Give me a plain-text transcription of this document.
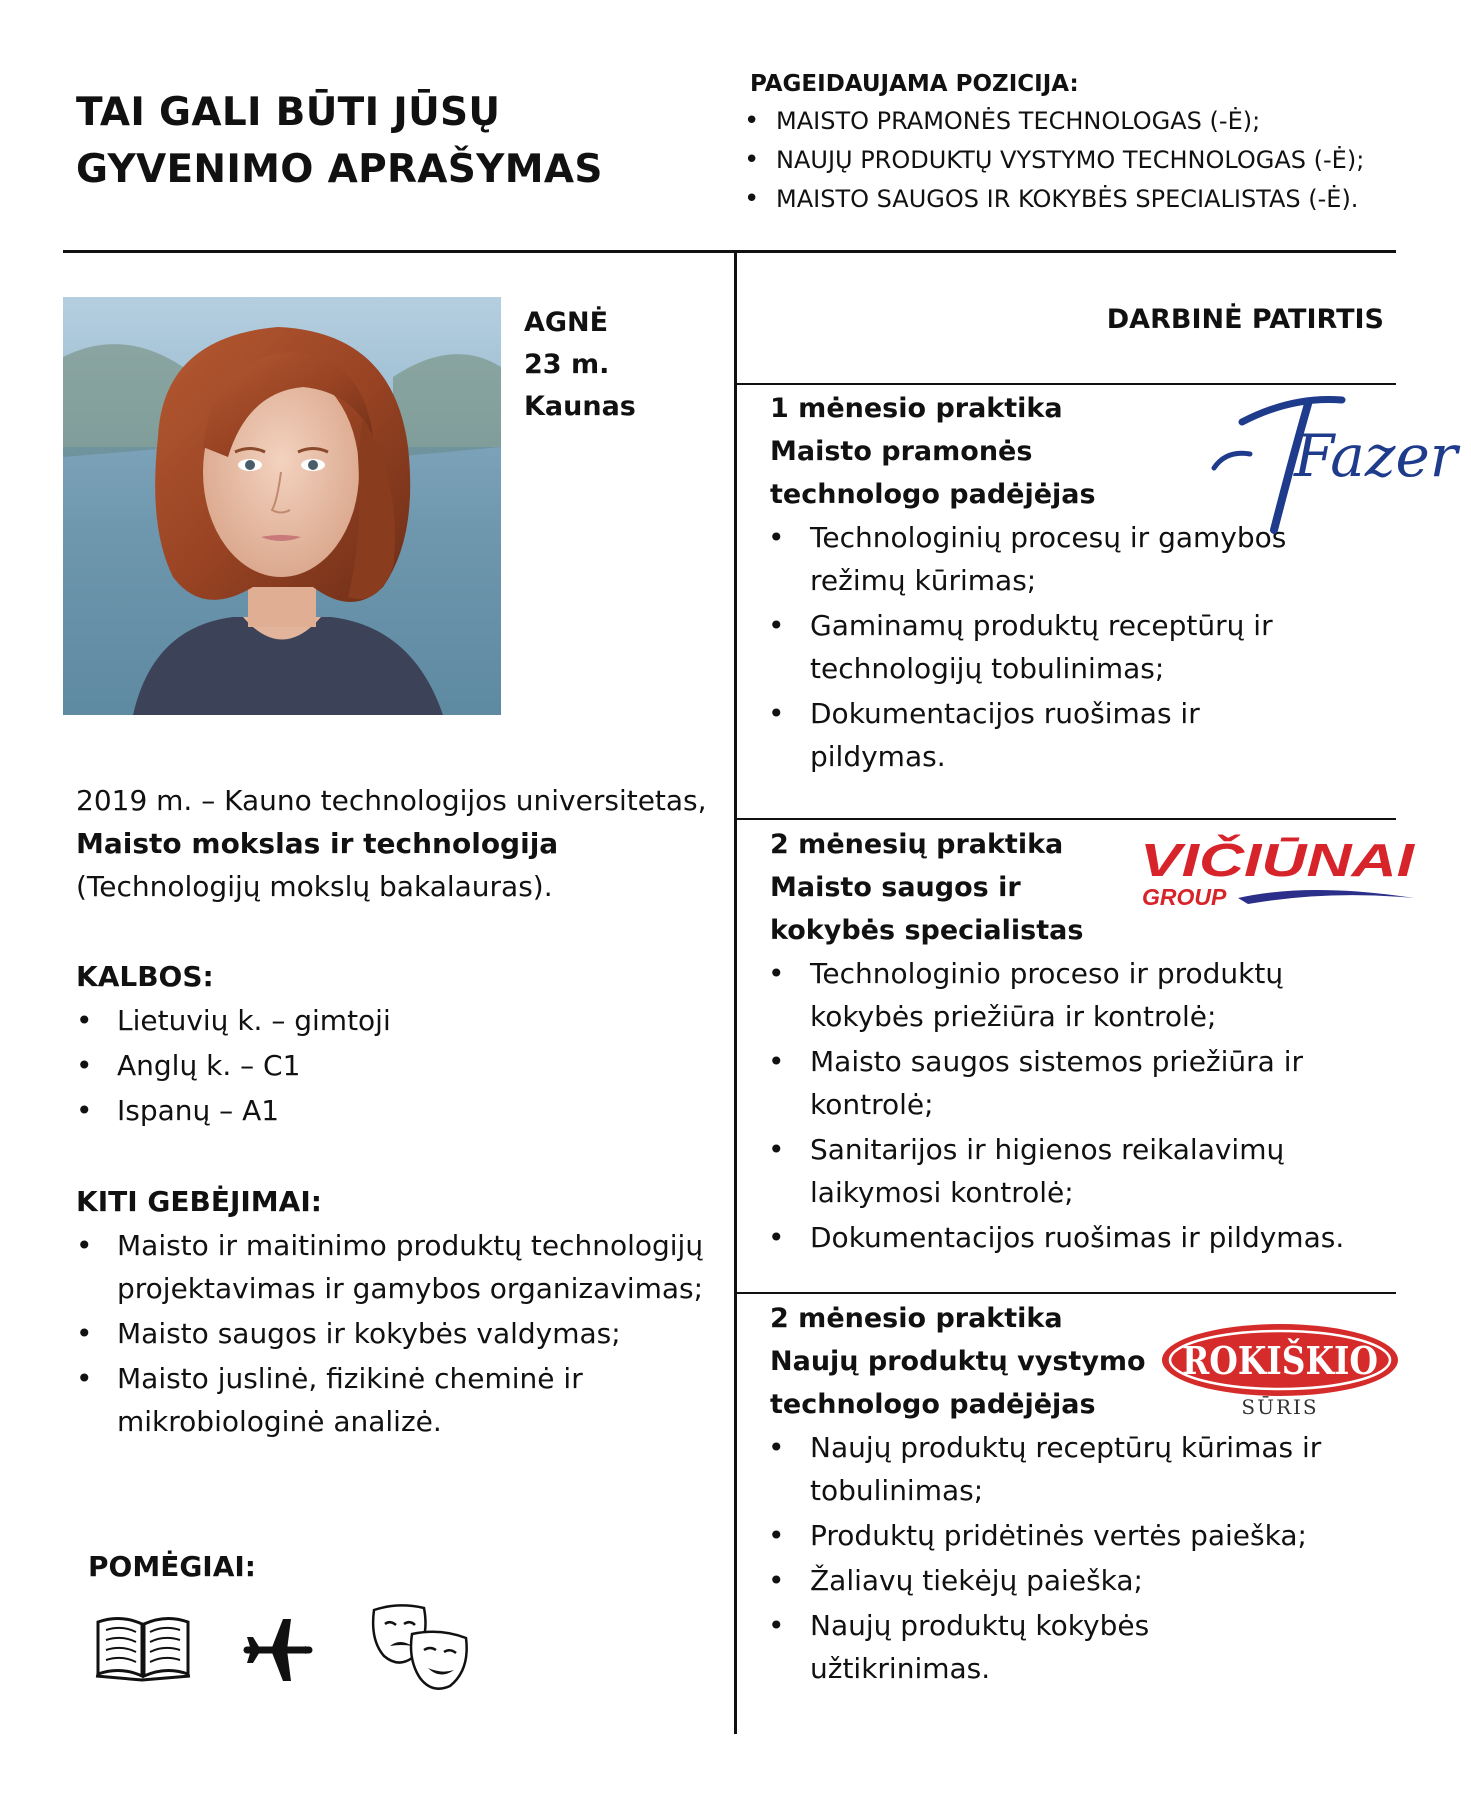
TAI GALI BŪTI JŪSŲ
GYVENIMO APRAŠYMAS
PAGEIDAUJAMA POZICIJA:
• MAISTO PRAMONĖS TECHNOLOGAS (-Ė);
• NAUJŲ PRODUKTŲ VYSTYMO TECHNOLOGAS (-Ė);
• MAISTO SAUGOS IR KOKYBĖS SPECIALISTAS (-Ė).
AGNĖ
23 m.
Kaunas
2019 m. – Kauno technologijos universitetas,
Maisto mokslas ir technologija
(Technologijų mokslų bakalauras).
KALBOS:
• Lietuvių k. – gimtoji
• Anglų k. – C1
• Ispanų – A1
KITI GEBĖJIMAI:
• Maisto ir maitinimo produktų technologijų projektavimas ir gamybos organizavimas;
• Maisto saugos ir kokybės valdymas;
• Maisto juslinė, fizikinė cheminė ir mikrobiologinė analizė.
POMĖGIAI:
DARBINĖ PATIRTIS
1 mėnesio praktika
Maisto pramonės
technologo padėjėjas
• Technologinių procesų ir gamybos režimų kūrimas;
• Gaminamų produktų receptūrų ir technologijų tobulinimas;
• Dokumentacijos ruošimas ir pildymas.
Fazer
2 mėnesių praktika
Maisto saugos ir
kokybės specialistas
• Technologinio proceso ir produktų kokybės priežiūra ir kontrolė;
• Maisto saugos sistemos priežiūra ir kontrolė;
• Sanitarijos ir higienos reikalavimų laikymosi kontrolė;
• Dokumentacijos ruošimas ir pildymas.
VIČIŪNAI
GROUP
2 mėnesio praktika
Naujų produktų vystymo
technologo padėjėjas
• Naujų produktų receptūrų kūrimas ir tobulinimas;
• Produktų pridėtinės vertės paieška;
• Žaliavų tiekėjų paieška;
• Naujų produktų kokybės užtikrinimas.
ROKIŠKIO
SŪRIS
